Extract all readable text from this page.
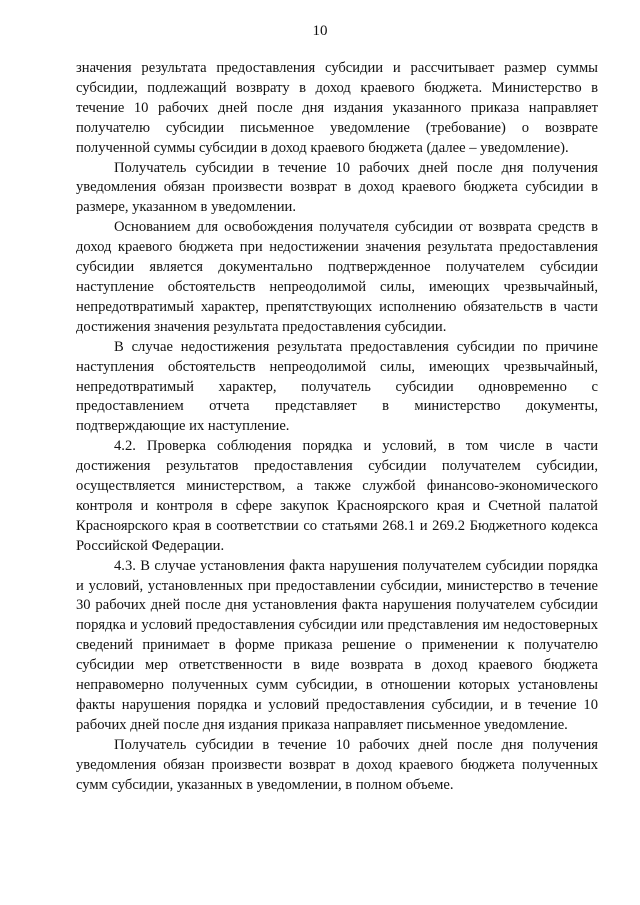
10

значения результата предоставления субсидии и рассчитывает размер суммы субсидии, подлежащий возврату в доход краевого бюджета. Министерство в течение 10 рабочих дней после дня издания указанного приказа направляет получателю субсидии письменное уведомление (требование) о возврате полученной суммы субсидии в доход краевого бюджета (далее – уведомление).

Получатель субсидии в течение 10 рабочих дней после дня получения уведомления обязан произвести возврат в доход краевого бюджета субсидии в размере, указанном в уведомлении.

Основанием для освобождения получателя субсидии от возврата средств в доход краевого бюджета при недостижении значения результата предоставления субсидии является документально подтвержденное получателем субсидии наступление обстоятельств непреодолимой силы, имеющих чрезвычайный, непредотвратимый характер, препятствующих исполнению обязательств в части достижения значения результата предоставления субсидии.

В случае недостижения результата предоставления субсидии по причине наступления обстоятельств непреодолимой силы, имеющих чрезвычайный, непредотвратимый характер, получатель субсидии одновременно с предоставлением отчета представляет в министерство документы, подтверждающие их наступление.

4.2. Проверка соблюдения порядка и условий, в том числе в части достижения результатов предоставления субсидии получателем субсидии, осуществляется министерством, а также службой финансово-экономического контроля и контроля в сфере закупок Красноярского края и Счетной палатой Красноярского края в соответствии со статьями 268.1 и 269.2 Бюджетного кодекса Российской Федерации.

4.3. В случае установления факта нарушения получателем субсидии порядка и условий, установленных при предоставлении субсидии, министерство в течение 30 рабочих дней после дня установления факта нарушения получателем субсидии порядка и условий предоставления субсидии или представления им недостоверных сведений принимает в форме приказа решение о применении к получателю субсидии мер ответственности в виде возврата в доход краевого бюджета неправомерно полученных сумм субсидии, в отношении которых установлены факты нарушения порядка и условий предоставления субсидии, и в течение 10 рабочих дней после дня издания приказа направляет письменное уведомление.

Получатель субсидии в течение 10 рабочих дней после дня получения уведомления обязан произвести возврат в доход краевого бюджета полученных сумм субсидии, указанных в уведомлении, в полном объеме.
